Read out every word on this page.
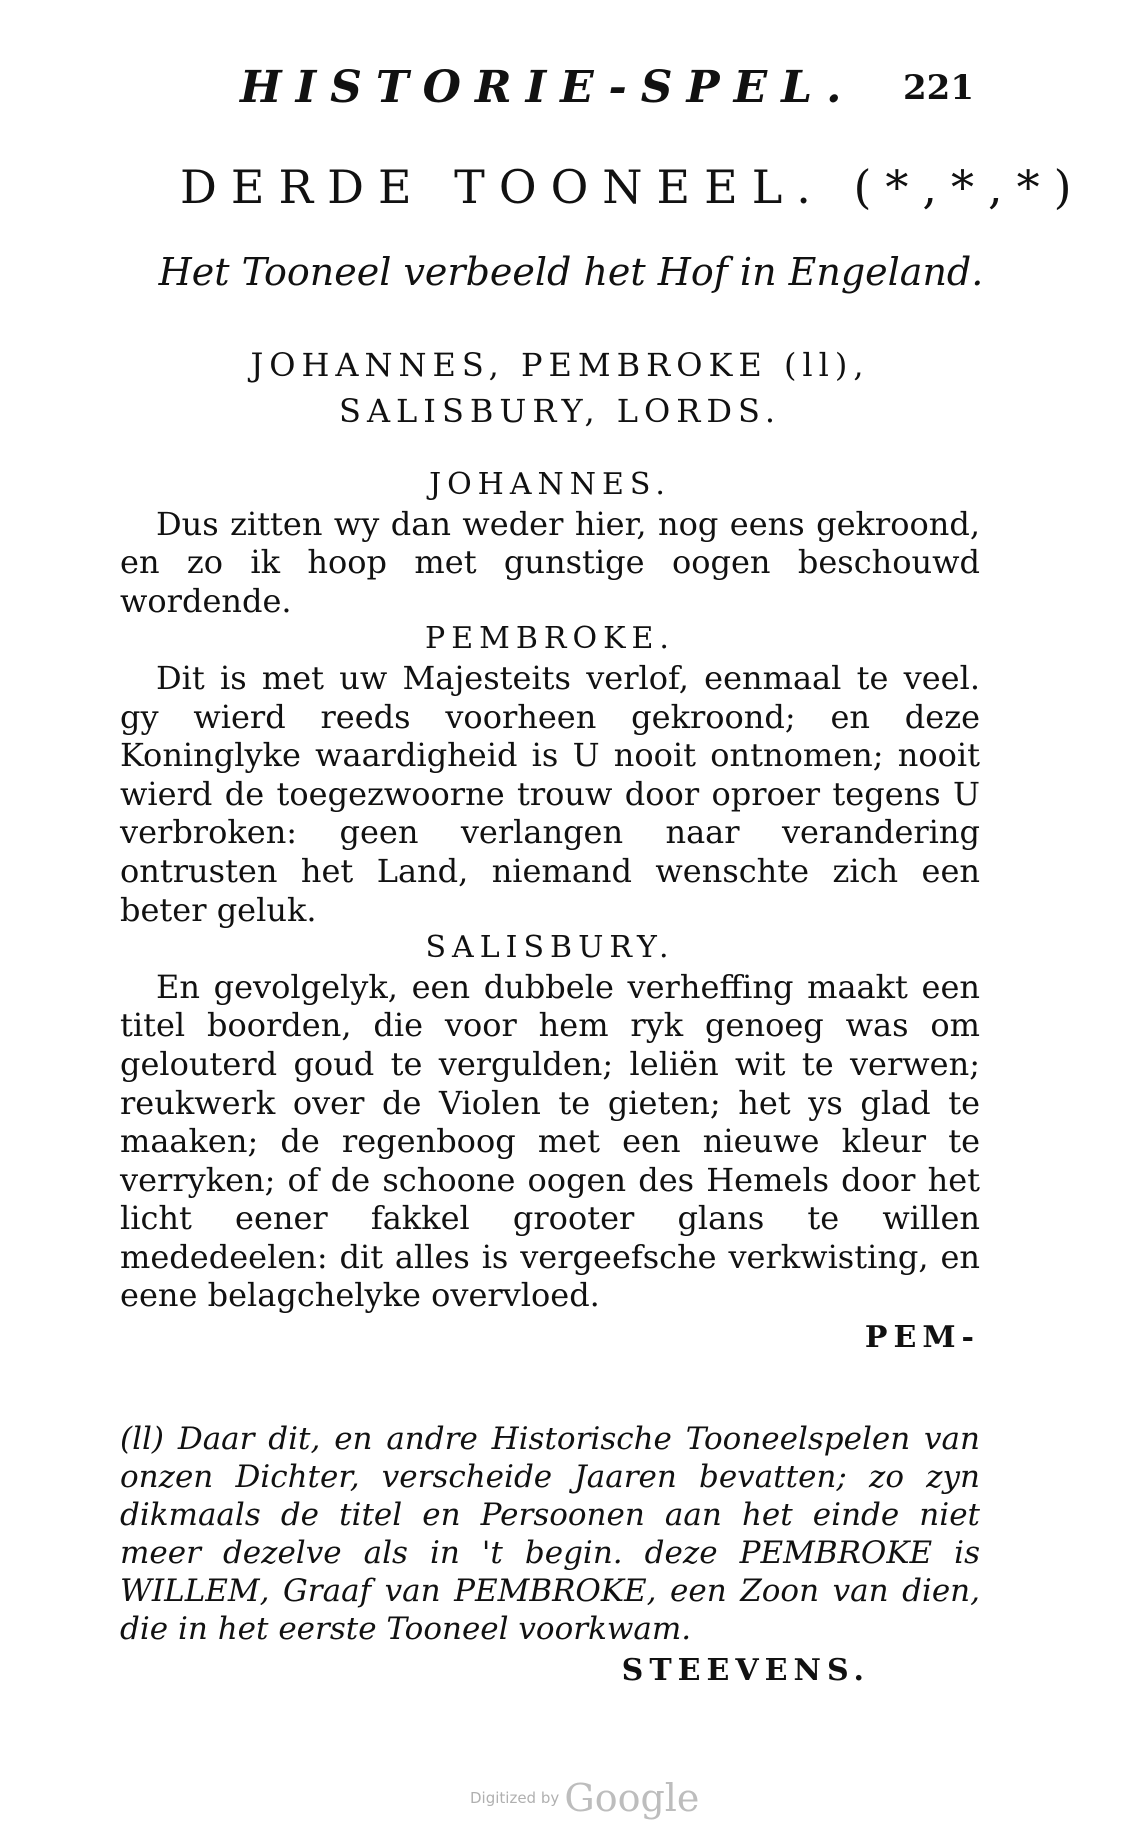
HISTORIE-SPEL. 221
DERDE TOONEEL. (*,*,*)
Het Tooneel verbeeld het Hof in Engeland.
JOHANNES, PEMBROKE (ll), SALISBURY, LORDS.

JOHANNES.

Dus zitten wy dan weder hier, nog eens gekroond, en zo ik hoop met gunstige oogen beschouwd wordende.

PEMBROKE.

Dit is met uw Majesteits verlof, eenmaal te veel. gy wierd reeds voorheen gekroond; en deze Koninglyke waardigheid is U nooit ontnomen; nooit wierd de toegezwoorne trouw door oproer tegens U verbroken: geen verlangen naar verandering ontrusten het Land, niemand wenschte zich een beter geluk.

SALISBURY.

En gevolgelyk, een dubbele verheffing maakt een titel boorden, die voor hem ryk genoeg was om gelouterd goud te vergulden; leliën wit te verwen; reukwerk over de Violen te gieten; het ys glad te maaken; de regenboog met een nieuwe kleur te verryken; of de schoone oogen des Hemels door het licht eener fakkel grooter glans te willen mededeelen: dit alles is vergeefsche verkwisting, en eene belagchelyke overvloed.

PEM-

(ll) Daar dit, en andre Historische Tooneelspelen van onzen Dichter, verscheide Jaaren bevatten; zo zyn dikmaals de titel en Persoonen aan het einde niet meer dezelve als in 't begin. deze PEMBROKE is WILLEM, Graaf van PEMBROKE, een Zoon van dien, die in het eerste Tooneel voorkwam.

STEEVENS.

Digitized by Google
